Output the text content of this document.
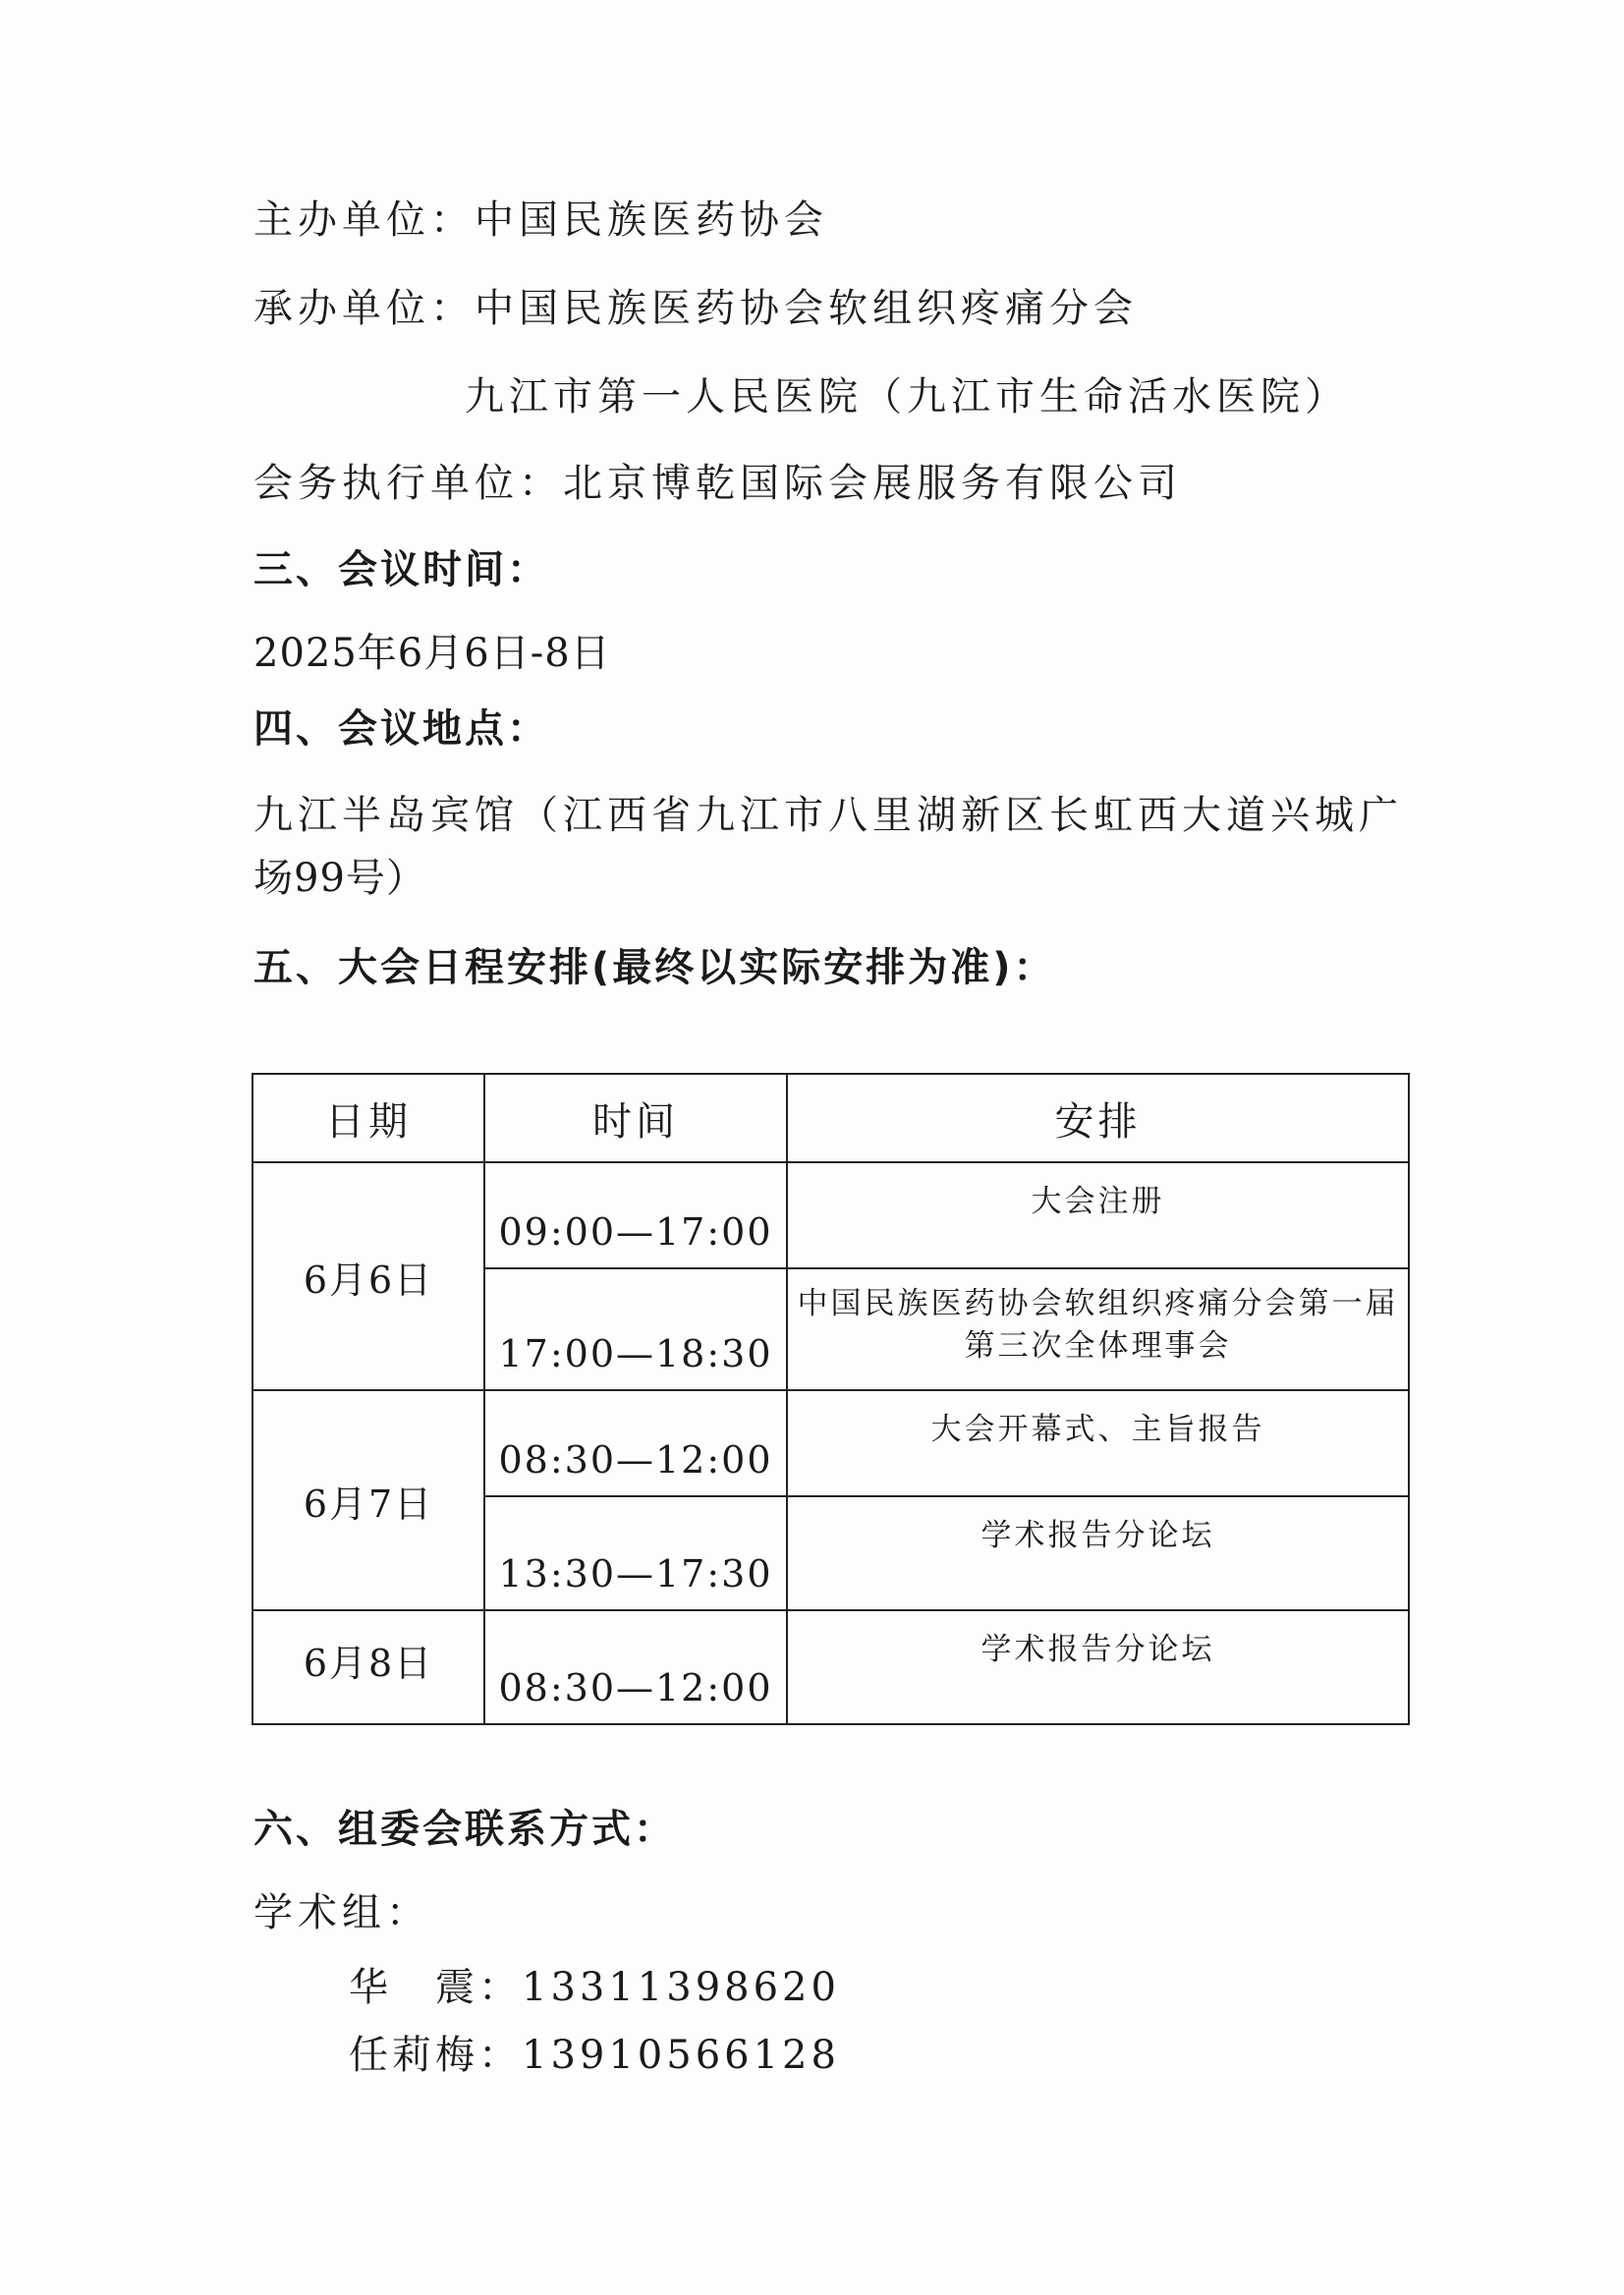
主办单位：中国民族医药协会
承办单位：中国民族医药协会软组织疼痛分会
九江市第一人民医院（九江市生命活水医院）
会务执行单位：北京博乾国际会展服务有限公司
三、会议时间：
2025年6月6日-8日
四、会议地点：
九江半岛宾馆（江西省九江市八里湖新区长虹西大道兴城广
场99号）
五、大会日程安排(最终以实际安排为准)：
日期	时间	安排
6月6日	09:00—17:00	大会注册
	17:00—18:30	中国民族医药协会软组织疼痛分会第一届
第三次全体理事会

6月7日	08:30—12:00	大会开幕式、主旨报告
	13:30—17:30	学术报告分论坛
6月8日	08:30—12:00	学术报告分论坛
六、组委会联系方式：
学术组：
华　震：13311398620
任莉梅：13910566128
